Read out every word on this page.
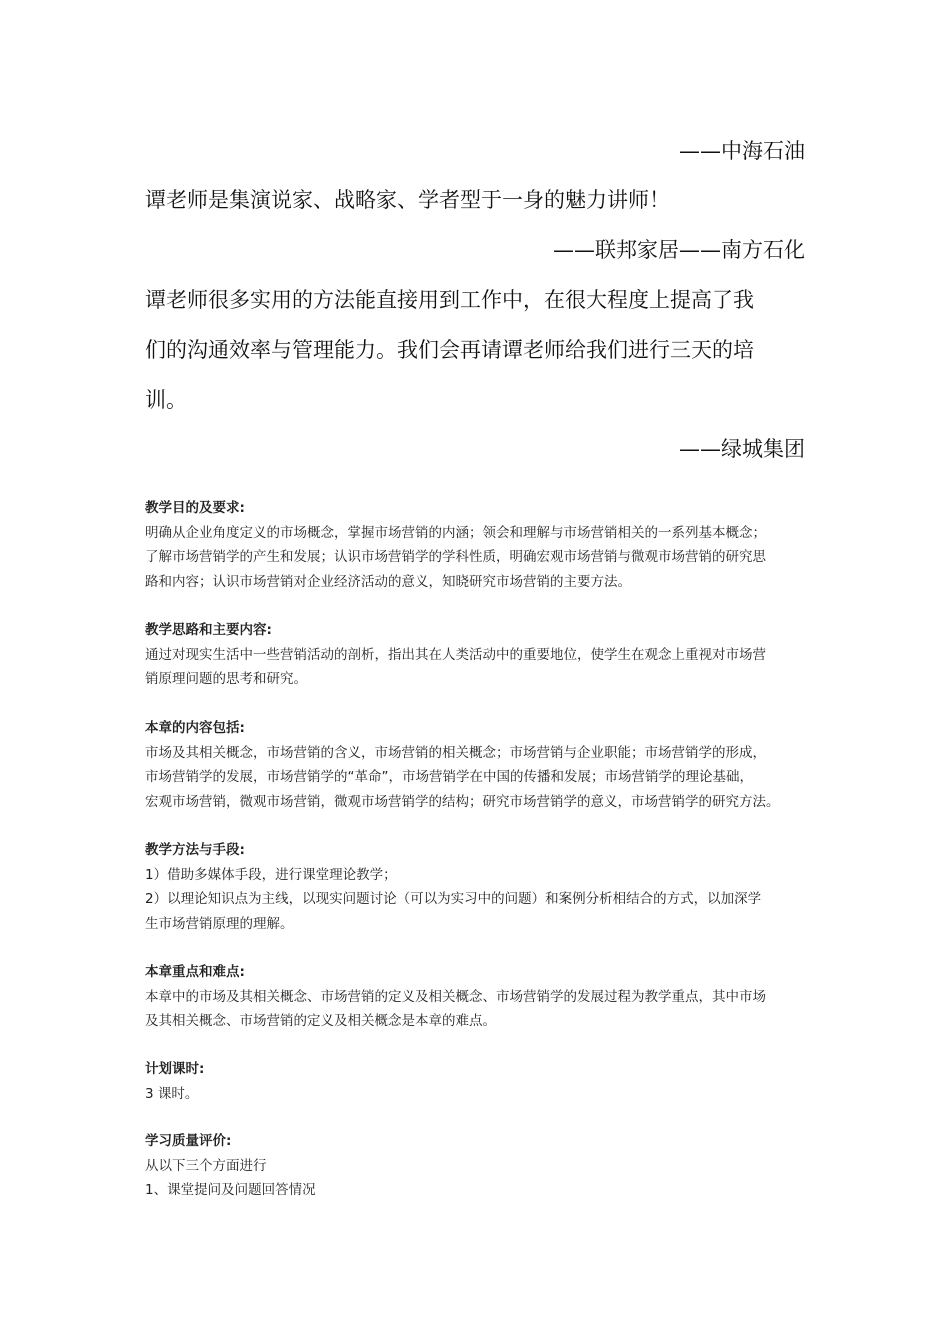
——中海石油
谭老师是集演说家、战略家、学者型于一身的魅力讲师！
——联邦家居——南方石化
谭老师很多实用的方法能直接用到工作中，在很大程度上提高了我
们的沟通效率与管理能力。我们会再请谭老师给我们进行三天的培
训。
——绿城集团

教学目的及要求:

明确从企业角度定义的市场概念，掌握市场营销的内涵；领会和理解与市场营销相关的一系列基本概念；

了解市场营销学的产生和发展；认识市场营销学的学科性质，明确宏观市场营销与微观市场营销的研究思

路和内容；认识市场营销对企业经济活动的意义，知晓研究市场营销的主要方法。

教学思路和主要内容:

通过对现实生活中一些营销活动的剖析，指出其在人类活动中的重要地位，使学生在观念上重视对市场营

销原理问题的思考和研究。

本章的内容包括:

市场及其相关概念，市场营销的含义，市场营销的相关概念；市场营销与企业职能；市场营销学的形成，

市场营销学的发展，市场营销学的“革命”，市场营销学在中国的传播和发展；市场营销学的理论基础，

宏观市场营销，微观市场营销，微观市场营销学的结构；研究市场营销学的意义，市场营销学的研究方法。

教学方法与手段:

1）借助多媒体手段，进行课堂理论教学；

2）以理论知识点为主线，以现实问题讨论（可以为实习中的问题）和案例分析相结合的方式，以加深学

生市场营销原理的理解。

本章重点和难点:

本章中的市场及其相关概念、市场营销的定义及相关概念、市场营销学的发展过程为教学重点，其中市场

及其相关概念、市场营销的定义及相关概念是本章的难点。

计划课时:

3 课时。

学习质量评价:

从以下三个方面进行

1、课堂提问及问题回答情况
